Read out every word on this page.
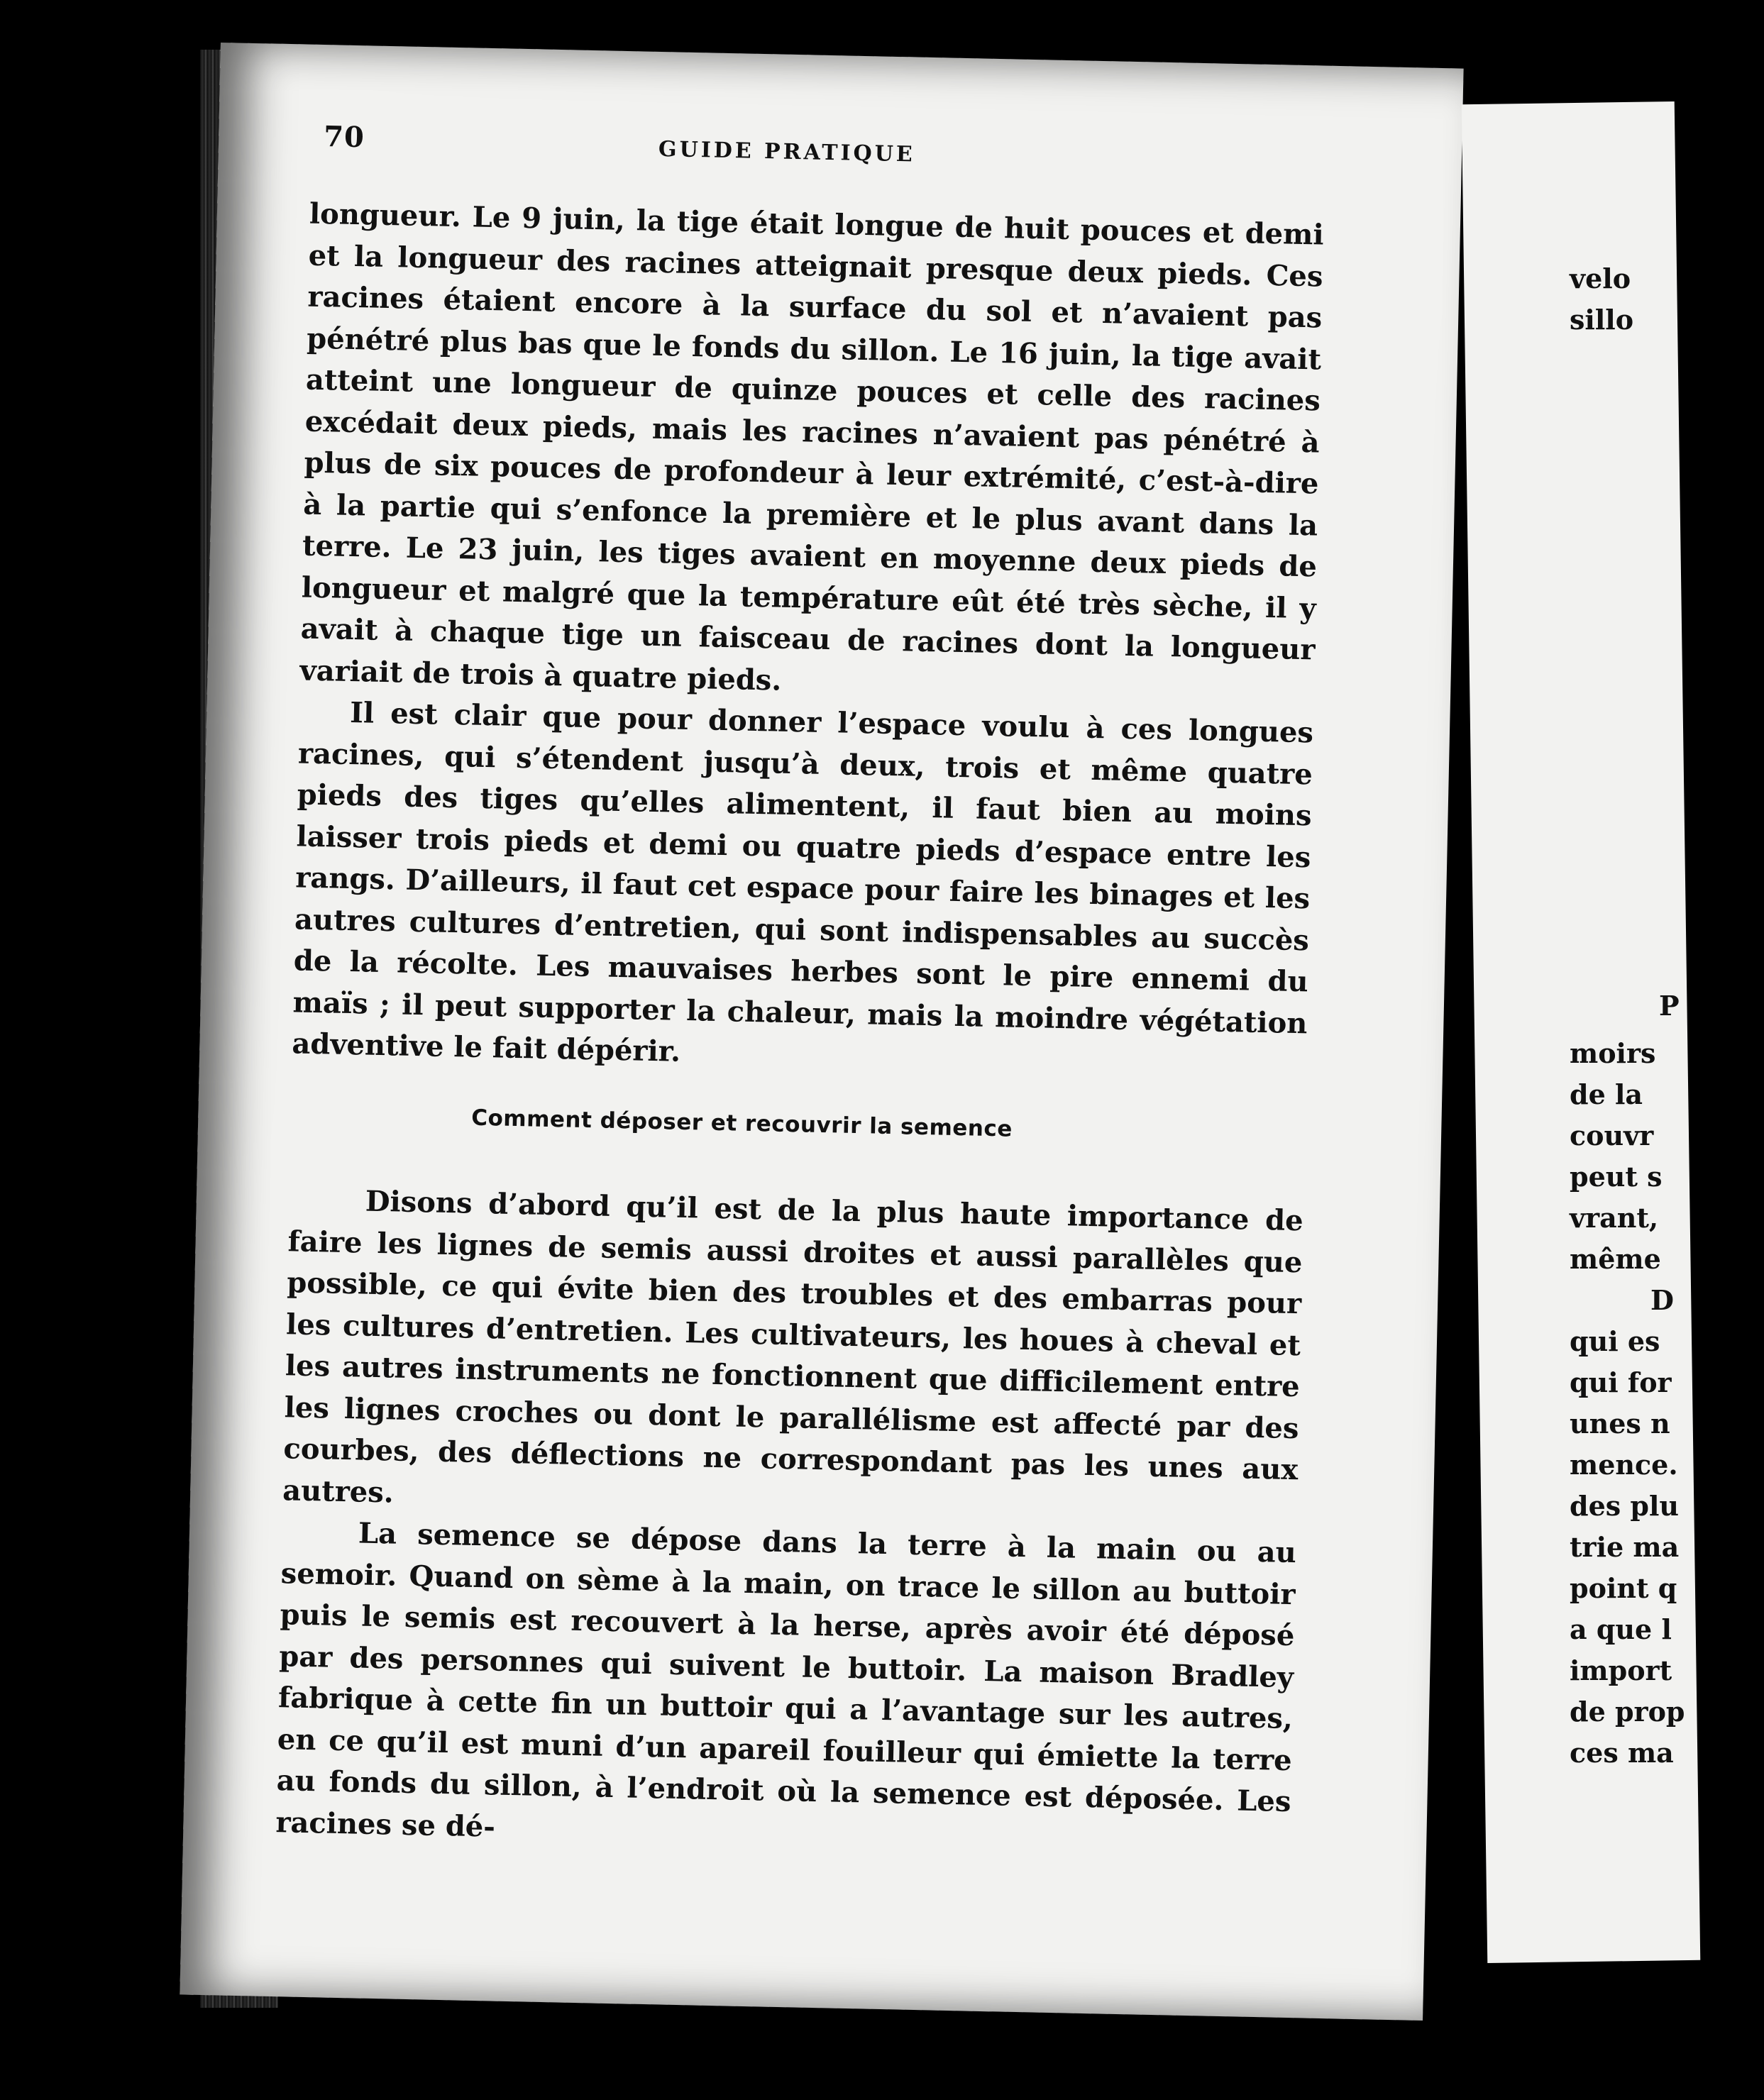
70	GUIDE PRATIQUE

longueur. Le 9 juin, la tige était longue de huit pouces et demi et la longueur des racines atteignait presque deux pieds. Ces racines étaient encore à la surface du sol et n’avaient pas pénétré plus bas que le fonds du sillon. Le 16 juin, la tige avait atteint une longueur de quinze pouces et celle des racines excédait deux pieds, mais les racines n’avaient pas pénétré à plus de six pouces de profondeur à leur extrémité, c’est-à-dire à la partie qui s’enfonce la première et le plus avant dans la terre. Le 23 juin, les tiges avaient en moyenne deux pieds de longueur et malgré que la température eût été très sèche, il y avait à chaque tige un faisceau de racines dont la longueur variait de trois à quatre pieds.

Il est clair que pour donner l’espace voulu à ces longues racines, qui s’étendent jusqu’à deux, trois et même quatre pieds des tiges qu’elles alimentent, il faut bien au moins laisser trois pieds et demi ou quatre pieds d’espace entre les rangs. D’ailleurs, il faut cet espace pour faire les binages et les autres cultures d’entretien, qui sont indispensables au succès de la récolte. Les mauvaises herbes sont le pire ennemi du maïs ; il peut supporter la chaleur, mais la moindre végétation adventive le fait dépérir.

Comment déposer et recouvrir la semence

Disons d’abord qu’il est de la plus haute importance de faire les lignes de semis aussi droites et aussi parallèles que possible, ce qui évite bien des troubles et des embarras pour les cultures d’entretien. Les cultivateurs, les houes à cheval et les autres instruments ne fonctionnent que difficilement entre les lignes croches ou dont le parallélisme est affecté par des courbes, des déflections ne correspondant pas les unes aux autres.

La semence se dépose dans la terre à la main ou au semoir. Quand on sème à la main, on trace le sillon au buttoir puis le semis est recouvert à la herse, après avoir été déposé par des personnes qui suivent le buttoir. La maison Bradley fabrique à cette fin un buttoir qui a l’avantage sur les autres, en ce qu’il est muni d’un apareil fouilleur qui émiette la terre au fonds du sillon, à l’endroit où la semence est déposée. Les racines se dé-

velo
sillo
P
moirs
de la
couvr
peut s
vrant,
même
D
qui es
qui for
unes n
mence.
des plu
trie ma
point q
a que l
import
de prop
ces ma
